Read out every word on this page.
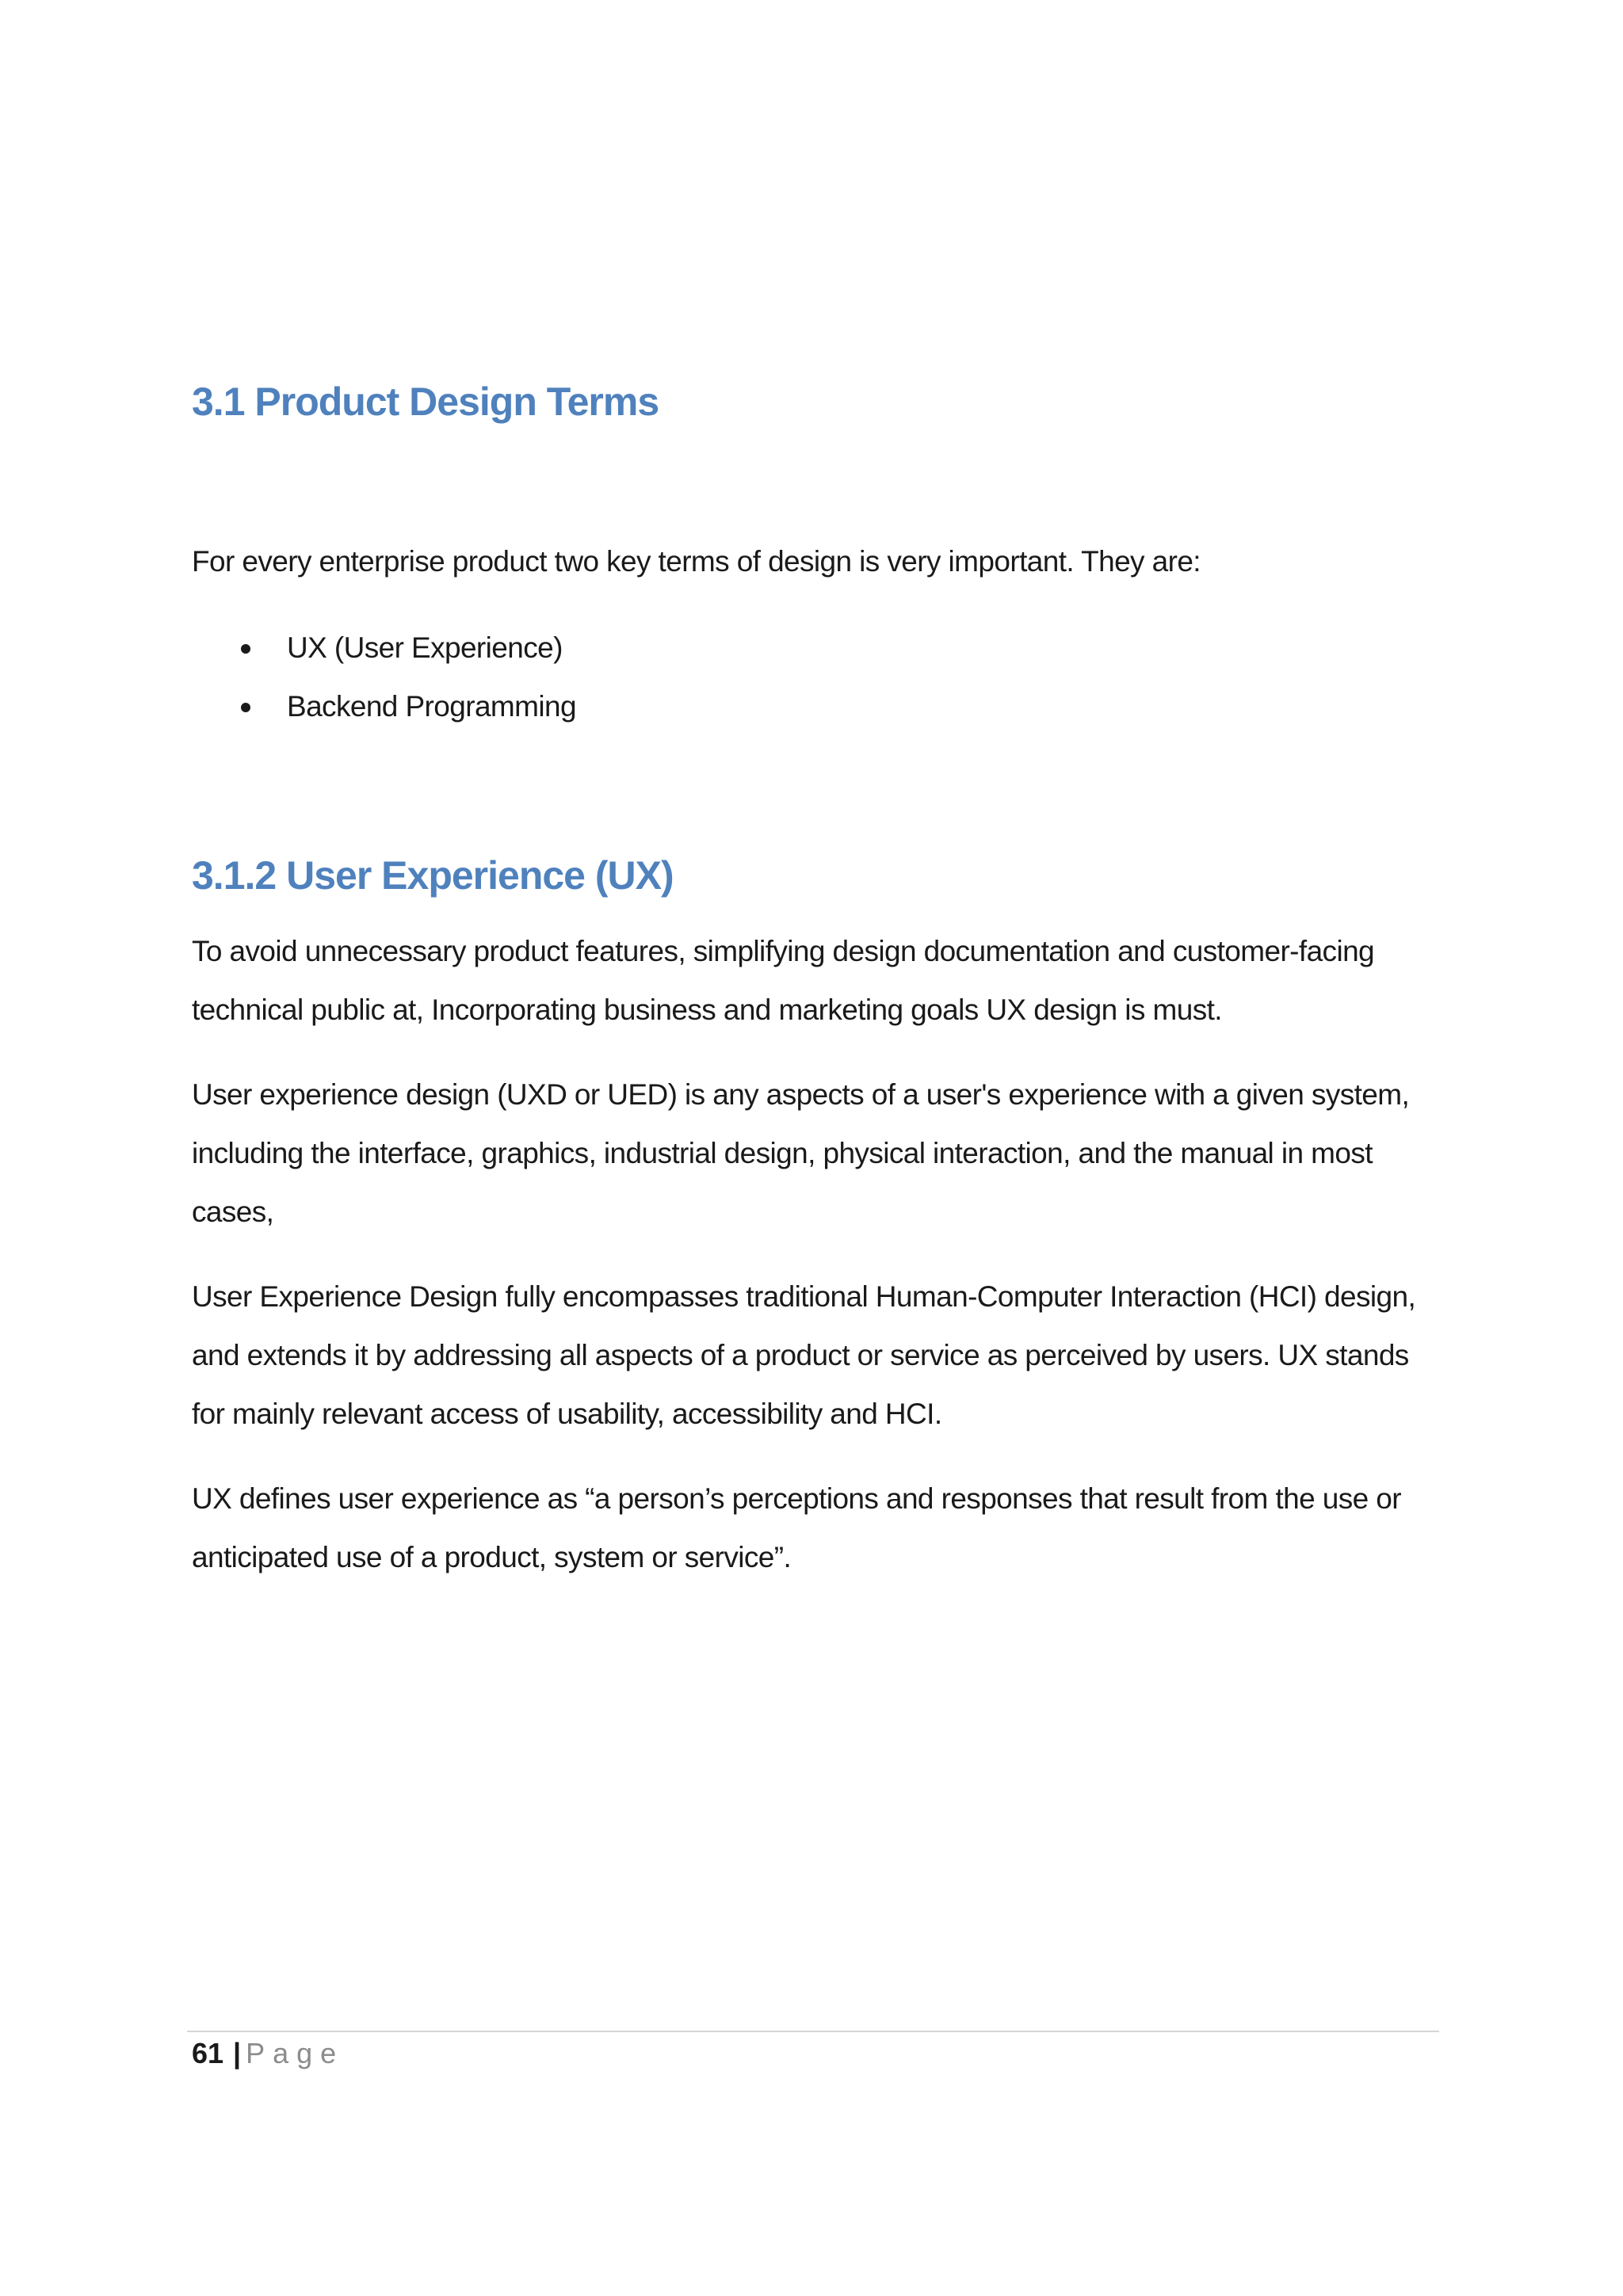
3.1 Product Design Terms

For every enterprise product two key terms of design is very important. They are:

UX (User Experience)
Backend Programming
3.1.2 User Experience (UX)

To avoid unnecessary product features, simplifying design documentation and customer-facing technical public at, Incorporating business and marketing goals UX design is must.

User experience design (UXD or UED) is any aspects of a user's experience with a given system, including the interface, graphics, industrial design, physical interaction, and the manual in most cases,

User Experience Design fully encompasses traditional Human-Computer Interaction (HCI) design, and extends it by addressing all aspects of a product or service as perceived by users. UX stands for mainly relevant access of usability, accessibility and HCI.

UX defines user experience as “a person’s perceptions and responses that result from the use or anticipated use of a product, system or service”.

61 | Page
